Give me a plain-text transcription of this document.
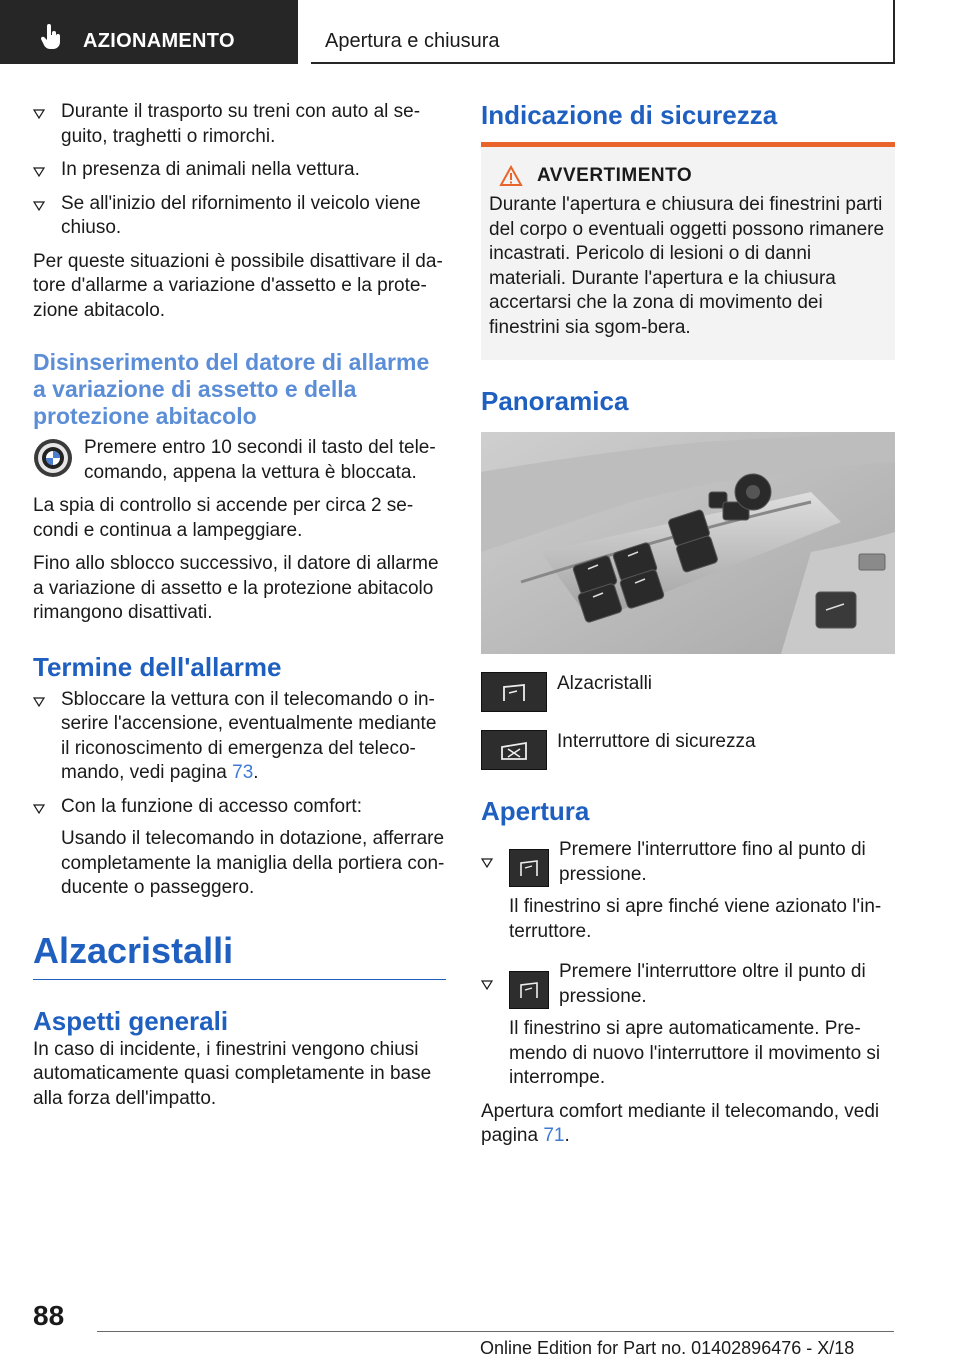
AZIONAMENTO	Apertura e chiusura
Durante il trasporto su treni con auto al se-guito, traghetti o rimorchi.
In presenza di animali nella vettura.
Se all'inizio del rifornimento il veicolo viene chiuso.

Per queste situazioni è possibile disattivare il da-tore d'allarme a variazione d'assetto e la prote-zione abitacolo.

Disinserimento del datore di allarme a variazione di assetto e della protezione abitacolo

Premere entro 10 secondi il tasto del tele-comando, appena la vettura è bloccata.

La spia di controllo si accende per circa 2 se-condi e continua a lampeggiare.

Fino allo sblocco successivo, il datore di allarme a variazione di assetto e la protezione abitacolo rimangono disattivati.

Termine dell'allarme
Sbloccare la vettura con il telecomando o in-serire l'accensione, eventualmente mediante il riconoscimento di emergenza del teleco-mando, vedi pagina 73.
Con la funzione di accesso comfort:

Usando il telecomando in dotazione, afferrare completamente la maniglia della portiera con-ducente o passeggero.

Alzacristalli
Aspetti generali

In caso di incidente, i finestrini vengono chiusi automaticamente quasi completamente in base alla forza dell'impatto.

Indicazione di sicurezza
AVVERTIMENTO

Durante l'apertura e chiusura dei finestrini parti del corpo o eventuali oggetti possono rimanere incastrati. Pericolo di lesioni o di danni materiali. Durante l'apertura e la chiusura accertarsi che la zona di movimento dei finestrini sia sgom-bera.

Panoramica

Alzacristalli

Interruttore di sicurezza

Apertura
Premere l'interruttore fino al punto di pressione.

Il finestrino si apre finché viene azionato l'in-terruttore.

Premere l'interruttore oltre il punto di pressione.

Il finestrino si apre automaticamente. Pre-mendo di nuovo l'interruttore il movimento si interrompe.

Apertura comfort mediante il telecomando, vedi pagina 71.

88
Online Edition for Part no. 01402896476 - X/18
